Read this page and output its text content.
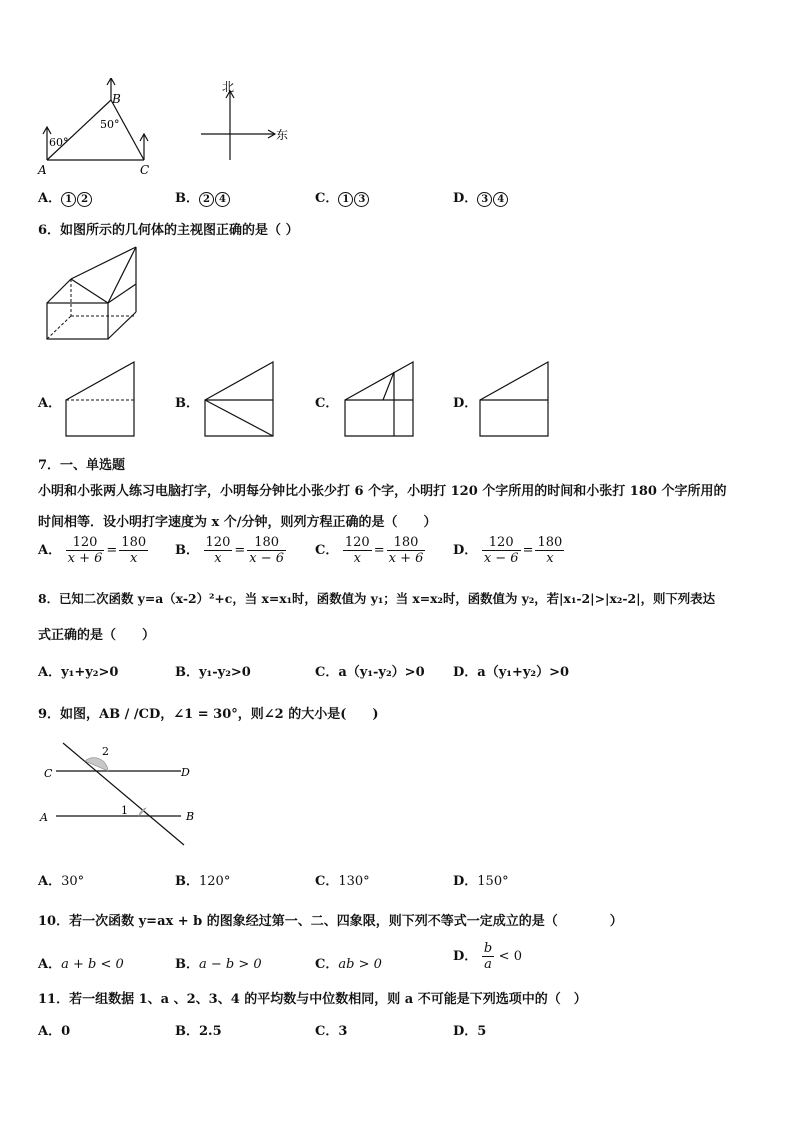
A
B
C
60°
50°
北
东
A． 1 2	B． 2 4	C． 1 3	D． 3 4
6．如图所示的几何体的主视图正确的是（ ）
A．	B．	C．	D．
7．一、单选题
小明和小张两人练习电脑打字，小明每分钟比小张少打 6 个字，小明打 120 个字所用的时间和小张打 180 个字所用的
时间相等．设小明打字速度为 x 个/分钟，则列方程正确的是（　　）
A． $\frac{120}{x + 6} = \frac{180}{x}$ B． $\frac{120}{x} = \frac{180}{x - 6}$ C． $\frac{120}{x} = \frac{180}{x + 6}$ D． $\frac{120}{x - 6} = \frac{180}{x}$
8．已知二次函数 y=a（x-2）²+c，当 x=x₁时，函数值为 y₁；当 x=x₂时，函数值为 y₂，若|x₁-2|>|x₂-2|，则下列表达
式正确的是（　　）
A．y₁+y₂>0	B．y₁-y₂>0	C．a（y₁-y₂）>0 D．a（y₁+y₂）>0
9．如图，AB / /CD，∠1 = 30°，则∠2 的大小是(　　)
C	D
A	B
1
2
A．30°	B．120°	C．130°	D．150°
10．若一次函数 y=ax + b 的图象经过第一、二、四象限，则下列不等式一定成立的是（　　　　）
A．a + b < 0	B．a − b > 0	C．ab > 0
D． $\frac{b}{a} < 0$
11．若一组数据 1、a 、2、3、4 的平均数与中位数相同，则 a 不可能是下列选项中的（　）
A．0	B．2.5	C．3	D．5
